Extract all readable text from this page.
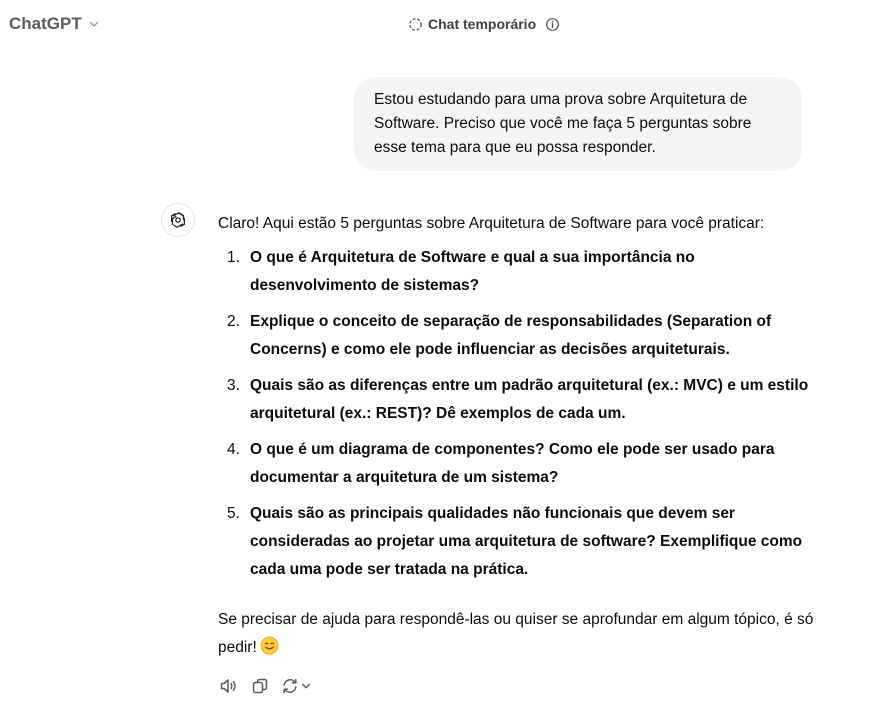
ChatGPT	Chat temporário
Estou estudando para uma prova sobre Arquitetura de Software. Preciso que você me faça 5 perguntas sobre esse tema para que eu possa responder.

Claro! Aqui estão 5 perguntas sobre Arquitetura de Software para você praticar:

1. O que é Arquitetura de Software e qual a sua importância no desenvolvimento de sistemas?
2. Explique o conceito de separação de responsabilidades (Separation of Concerns) e como ele pode influenciar as decisões arquiteturais.
3. Quais são as diferenças entre um padrão arquitetural (ex.: MVC) e um estilo arquitetural (ex.: REST)? Dê exemplos de cada um.
4. O que é um diagrama de componentes? Como ele pode ser usado para documentar a arquitetura de um sistema?
5. Quais são as principais qualidades não funcionais que devem ser consideradas ao projetar uma arquitetura de software? Exemplifique como cada uma pode ser tratada na prática.

Se precisar de ajuda para respondê-las ou quiser se aprofundar em algum tópico, é só pedir!
